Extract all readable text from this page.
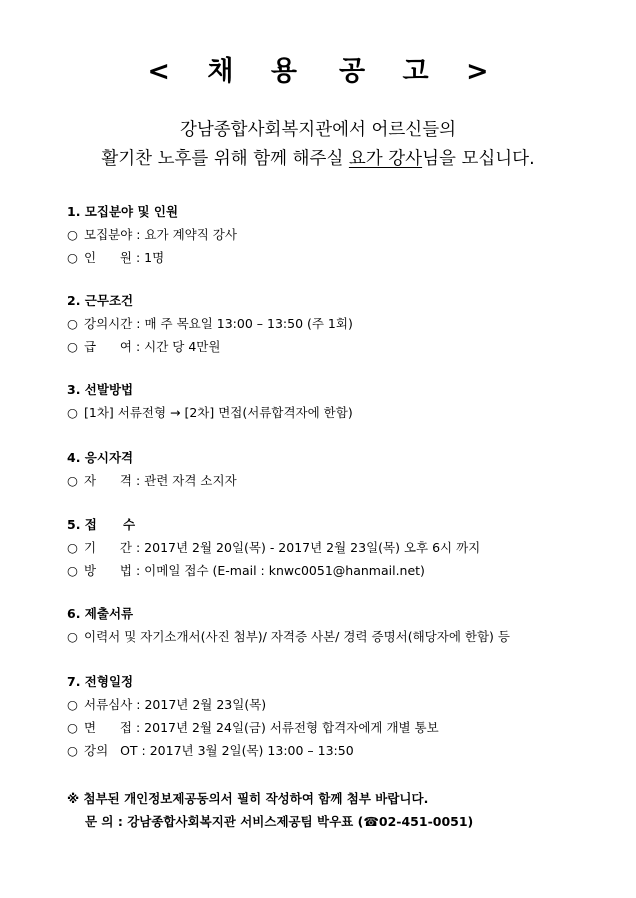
< 채 용 공 고 >
강남종합사회복지관에서 어르신들의
활기찬 노후를 위해 함께 해주실 요가 강사님을 모십니다.
1. 모집분야 및 인원
○ 모집분야 : 요가 계약직 강사
○ 인      원 : 1명
2. 근무조건
○ 강의시간 : 매 주 목요일 13:00 – 13:50 (주 1회)
○ 급      여 : 시간 당 4만원
3. 선발방법
○ [1차] 서류전형 → [2차] 면접(서류합격자에 한함)
4. 응시자격
○ 자      격 : 관련 자격 소지자
5. 접      수
○ 기      간 : 2017년 2월 20일(목) - 2017년 2월 23일(목) 오후 6시 까지
○ 방      법 : 이메일 접수 (E-mail : knwc0051@hanmail.net)
6. 제출서류
○ 이력서 및 자기소개서(사진 첨부)/ 자격증 사본/ 경력 증명서(해당자에 한함) 등
7. 전형일정
○ 서류심사 : 2017년 2월 23일(목)
○ 면      접 : 2017년 2월 24일(금) 서류전형 합격자에게 개별 통보
○ 강의   OT : 2017년 3월 2일(목) 13:00 – 13:50
※ 첨부된 개인정보제공동의서 필히 작성하여 함께 첨부 바랍니다.
문 의 : 강남종합사회복지관 서비스제공팀 박우표 (☎02-451-0051)
